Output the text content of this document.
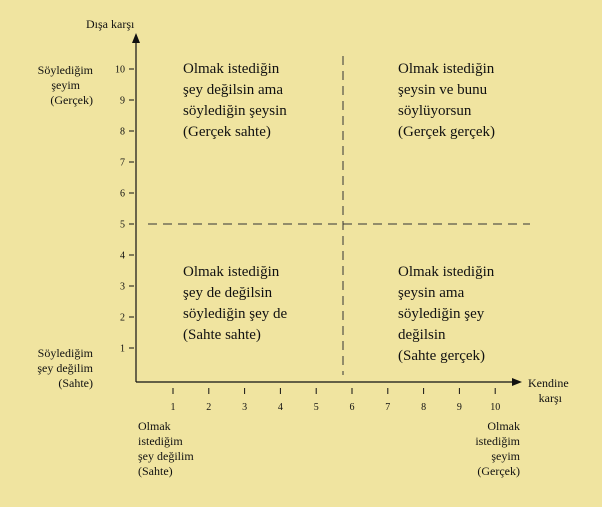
10
9
8
7
6
5
4
3
2
1
1	2	3	4	5	6	7	8	9	10
Dışa karşı
Kendine
karşı
Söylediğim
şeyim
(Gerçek)
Söylediğim
şey değilim
(Sahte)
Olmak
istediğim
şey değilim
(Sahte)
Olmak
istediğim
şeyim
(Gerçek)
Olmak istediğin
şey değilsin ama
söylediğin şeysin
(Gerçek sahte)
Olmak istediğin
şeysin ve bunu
söylüyorsun
(Gerçek gerçek)
Olmak istediğin
şey de değilsin
söylediğin şey de
(Sahte sahte)
Olmak istediğin
şeysin ama
söylediğin şey
değilsin
(Sahte gerçek)
